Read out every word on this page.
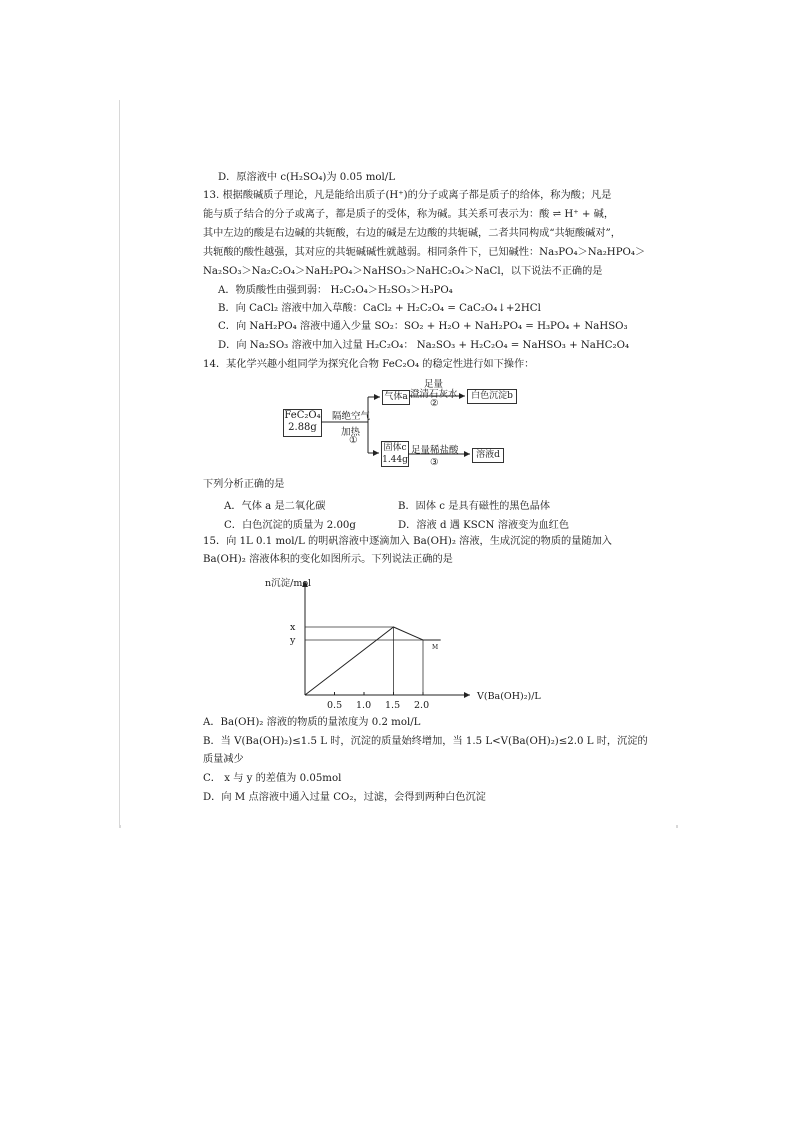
D．原溶液中 c(H₂SO₄)为 0.05 mol/L
13. 根据酸碱质子理论，凡是能给出质子(H⁺)的分子或离子都是质子的给体，称为酸；凡是
能与质子结合的分子或离子，都是质子的受体，称为碱。其关系可表示为：酸 ⇌ H⁺ + 碱，
其中左边的酸是右边碱的共轭酸，右边的碱是左边酸的共轭碱，二者共同构成“共轭酸碱对”，
共轭酸的酸性越强，其对应的共轭碱碱性就越弱。相同条件下，已知碱性：Na₃PO₄＞Na₂HPO₄＞
Na₂SO₃＞Na₂C₂O₄＞NaH₂PO₄＞NaHSO₃＞NaHC₂O₄＞NaCl，以下说法不正确的是
A．物质酸性由强到弱： H₂C₂O₄＞H₂SO₃＞H₃PO₄
B．向 CaCl₂ 溶液中加入草酸：CaCl₂ + H₂C₂O₄ = CaC₂O₄↓+2HCl
C．向 NaH₂PO₄ 溶液中通入少量 SO₂：SO₂ + H₂O + NaH₂PO₄ = H₃PO₄ + NaHSO₃
D．向 Na₂SO₃ 溶液中加入过量 H₂C₂O₄： Na₂SO₃ + H₂C₂O₄ = NaHSO₃ + NaHC₂O₄
14．某化学兴趣小组同学为探究化合物 FeC₂O₄ 的稳定性进行如下操作：
FeC₂O₄
2.88g
隔绝空气
加热
①
气体a
足量
澄清石灰水
②
白色沉淀b
固体c
1.44g
足量稀盐酸
③
溶液d
下列分析正确的是
A．气体 a 是二氧化碳	B．固体 c 是具有磁性的黑色晶体
C．白色沉淀的质量为 2.00g	D．溶液 d 遇 KSCN 溶液变为血红色
15．向 1L 0.1 mol/L 的明矾溶液中逐滴加入 Ba(OH)₂ 溶液，生成沉淀的物质的量随加入
Ba(OH)₂ 溶液体积的变化如图所示。下列说法正确的是
n沉淀/mol
V(Ba(OH)₂)/L
0.5 1.0 1.5 2.0
x
y
M
A．Ba(OH)₂ 溶液的物质的量浓度为 0.2 mol/L
B．当 V(Ba(OH)₂)≤1.5 L 时，沉淀的质量始终增加，当 1.5 L<V(Ba(OH)₂)≤2.0 L 时，沉淀的
质量减少
C． x 与 y 的差值为 0.05mol
D．向 M 点溶液中通入过量 CO₂，过滤，会得到两种白色沉淀
